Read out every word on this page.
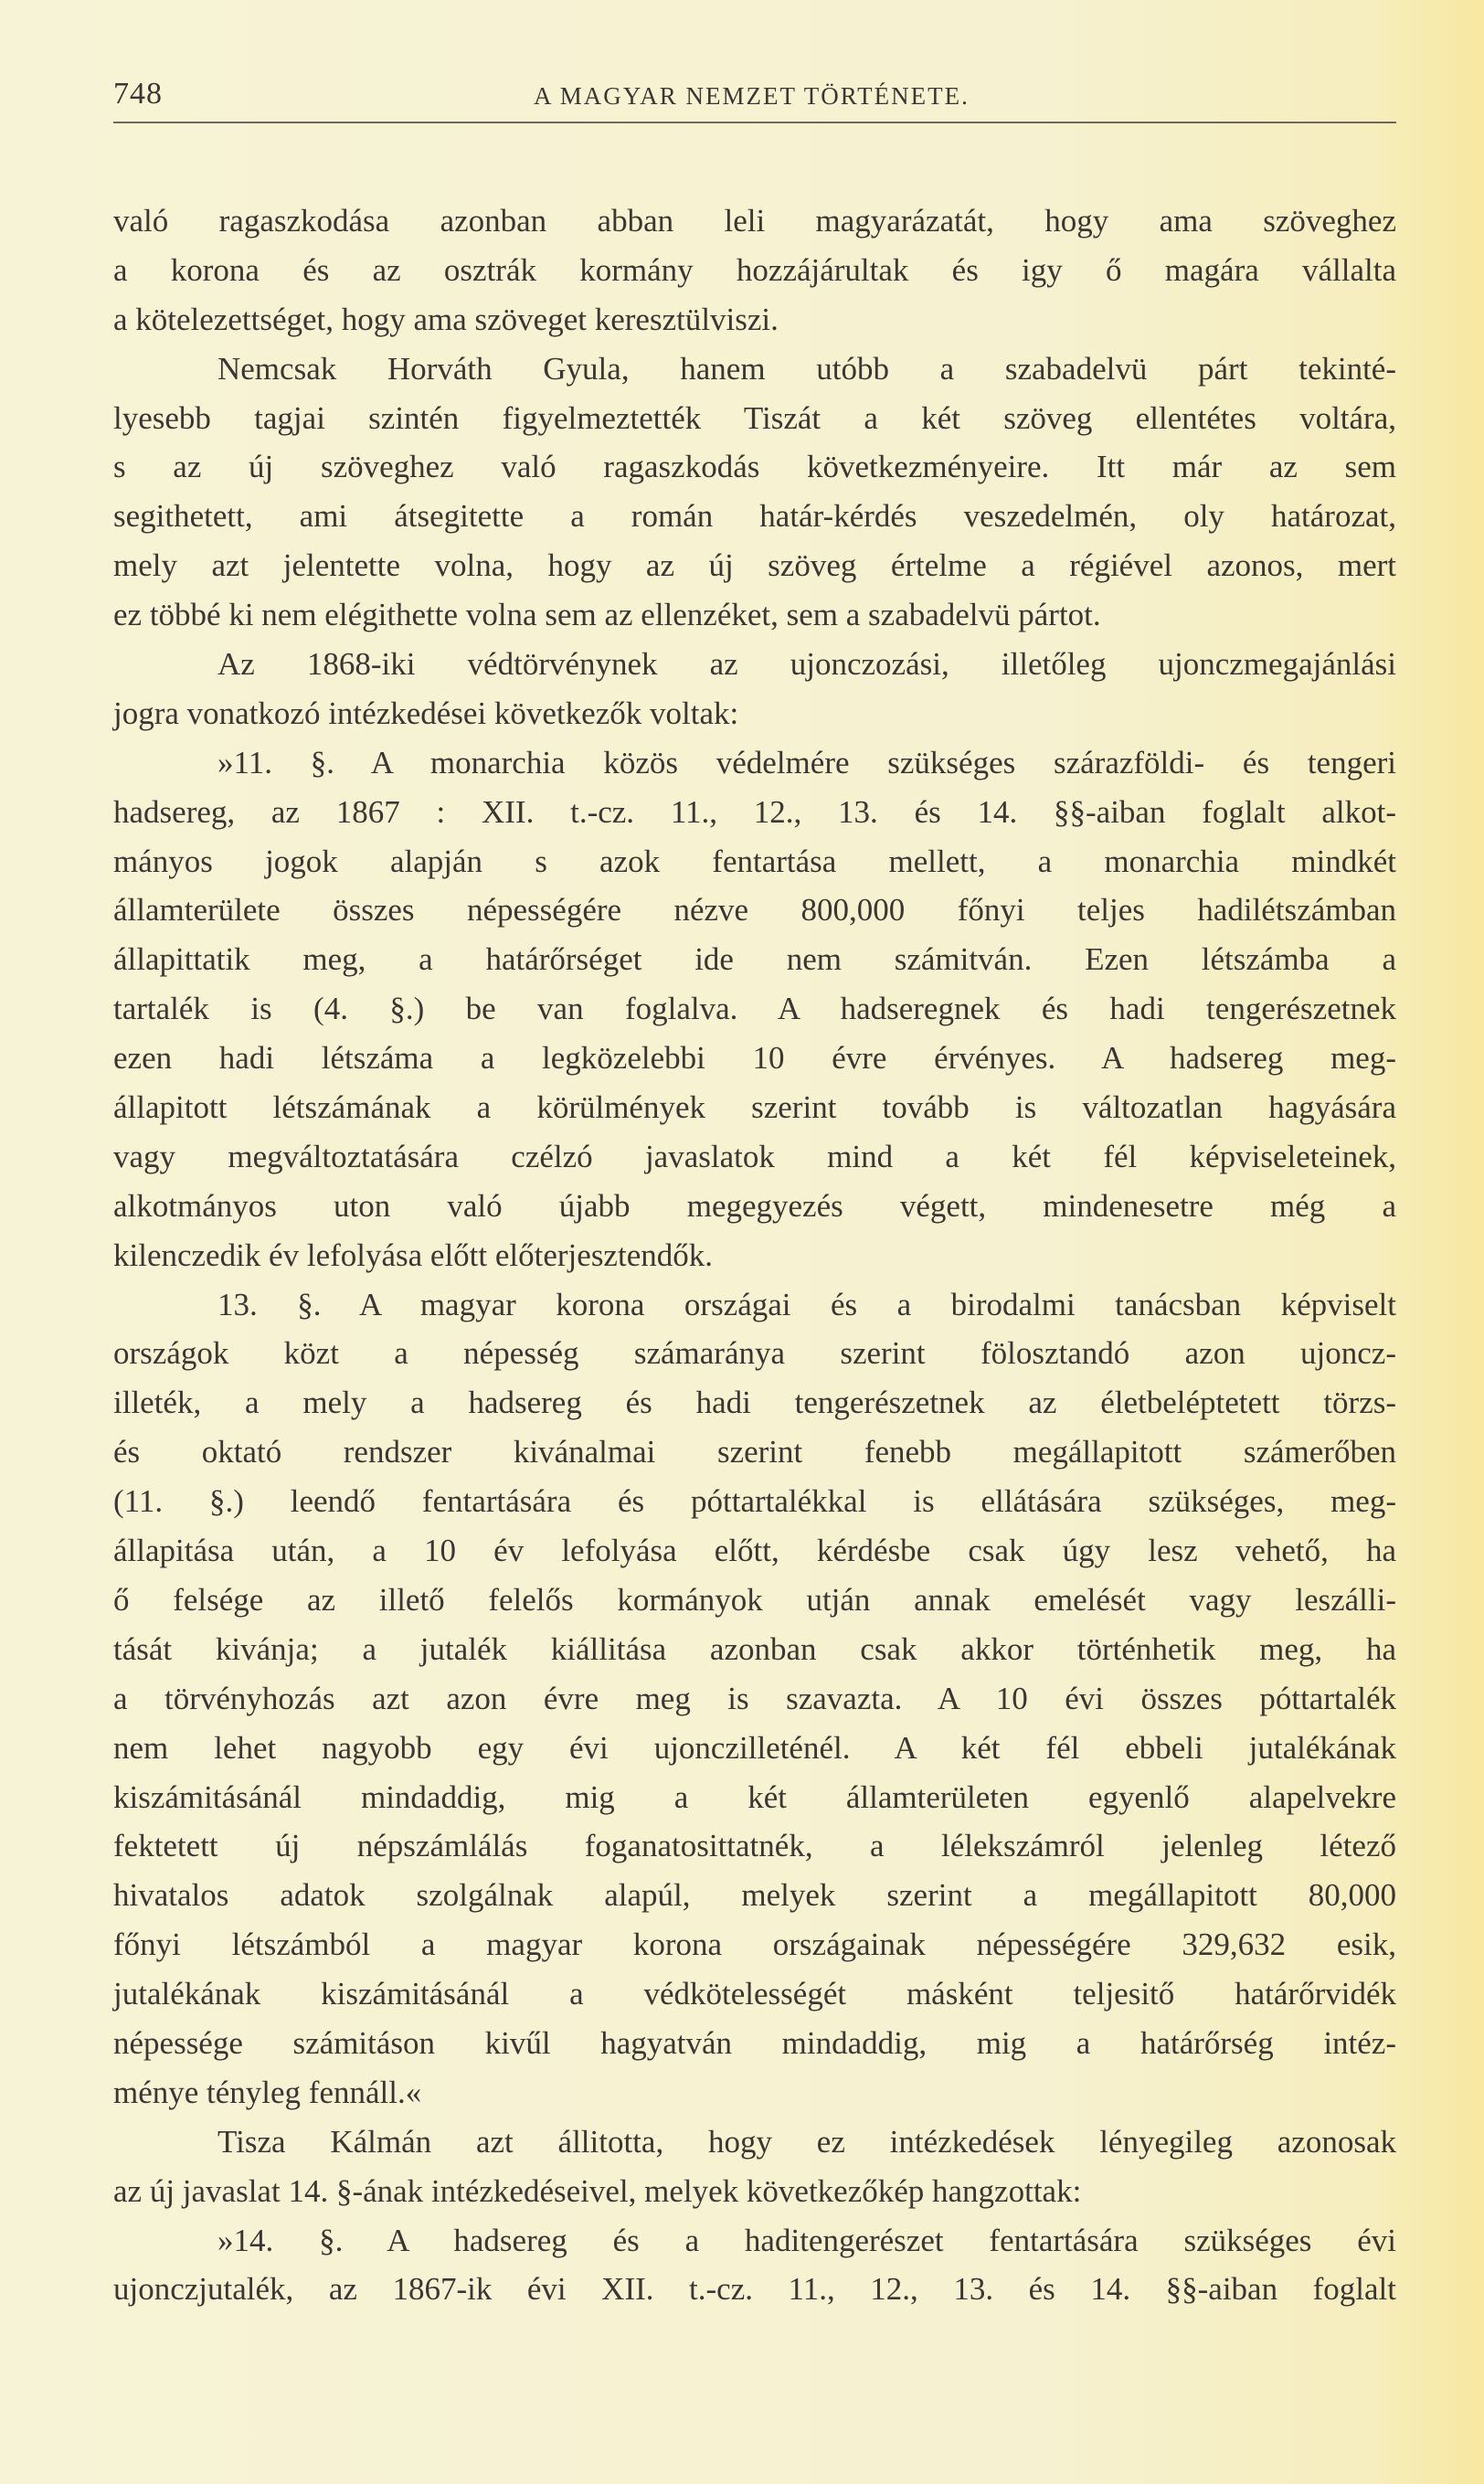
748	A MAGYAR NEMZET TÖRTÉNETE.
való ragaszkodása azonban abban leli magyarázatát, hogy ama szöveghez
a korona és az osztrák kormány hozzájárultak és igy ő magára vállalta
a kötelezettséget, hogy ama szöveget keresztülviszi.
Nemcsak Horváth Gyula, hanem utóbb a szabadelvü párt tekinté-
lyesebb tagjai szintén figyelmeztették Tiszát a két szöveg ellentétes voltára,
s az új szöveghez való ragaszkodás következményeire. Itt már az sem
segithetett, ami átsegitette a román határ-kérdés veszedelmén, oly határozat,
mely azt jelentette volna, hogy az új szöveg értelme a régiével azonos, mert
ez többé ki nem elégithette volna sem az ellenzéket, sem a szabadelvü pártot.
Az 1868-iki védtörvénynek az ujonczozási, illetőleg ujonczmegajánlási
jogra vonatkozó intézkedései következők voltak:
»11. §. A monarchia közös védelmére szükséges szárazföldi- és tengeri
hadsereg, az 1867 : XII. t.-cz. 11., 12., 13. és 14. §§-aiban foglalt alkot-
mányos jogok alapján s azok fentartása mellett, a monarchia mindkét
államterülete összes népességére nézve 800,000 főnyi teljes hadilétszámban
állapittatik meg, a határőrséget ide nem számitván. Ezen létszámba a
tartalék is (4. §.) be van foglalva. A hadseregnek és hadi tengerészetnek
ezen hadi létszáma a legközelebbi 10 évre érvényes. A hadsereg meg-
állapitott létszámának a körülmények szerint tovább is változatlan hagyására
vagy megváltoztatására czélzó javaslatok mind a két fél képviseleteinek,
alkotmányos uton való újabb megegyezés végett, mindenesetre még a
kilenczedik év lefolyása előtt előterjesztendők.
13. §. A magyar korona országai és a birodalmi tanácsban képviselt
országok közt a népesség számaránya szerint fölosztandó azon ujoncz-
illeték, a mely a hadsereg és hadi tengerészetnek az életbeléptetett törzs-
és oktató rendszer kivánalmai szerint fenebb megállapitott számerőben
(11. §.) leendő fentartására és póttartalékkal is ellátására szükséges, meg-
állapitása után, a 10 év lefolyása előtt, kérdésbe csak úgy lesz vehető, ha
ő felsége az illető felelős kormányok utján annak emelését vagy leszálli-
tását kivánja; a jutalék kiállitása azonban csak akkor történhetik meg, ha
a törvényhozás azt azon évre meg is szavazta. A 10 évi összes póttartalék
nem lehet nagyobb egy évi ujonczilleténél. A két fél ebbeli jutalékának
kiszámitásánál mindaddig, mig a két államterületen egyenlő alapelvekre
fektetett új népszámlálás foganatosittatnék, a lélekszámról jelenleg létező
hivatalos adatok szolgálnak alapúl, melyek szerint a megállapitott 80,000
főnyi létszámból a magyar korona országainak népességére 329,632 esik,
jutalékának kiszámitásánál a védkötelességét másként teljesitő határőrvidék
népessége számitáson kivűl hagyatván mindaddig, mig a határőrség intéz-
ménye tényleg fennáll.«
Tisza Kálmán azt állitotta, hogy ez intézkedések lényegileg azonosak
az új javaslat 14. §-ának intézkedéseivel, melyek következőkép hangzottak:
»14. §. A hadsereg és a haditengerészet fentartására szükséges évi
ujonczjutalék, az 1867-ik évi XII. t.-cz. 11., 12., 13. és 14. §§-aiban foglalt
